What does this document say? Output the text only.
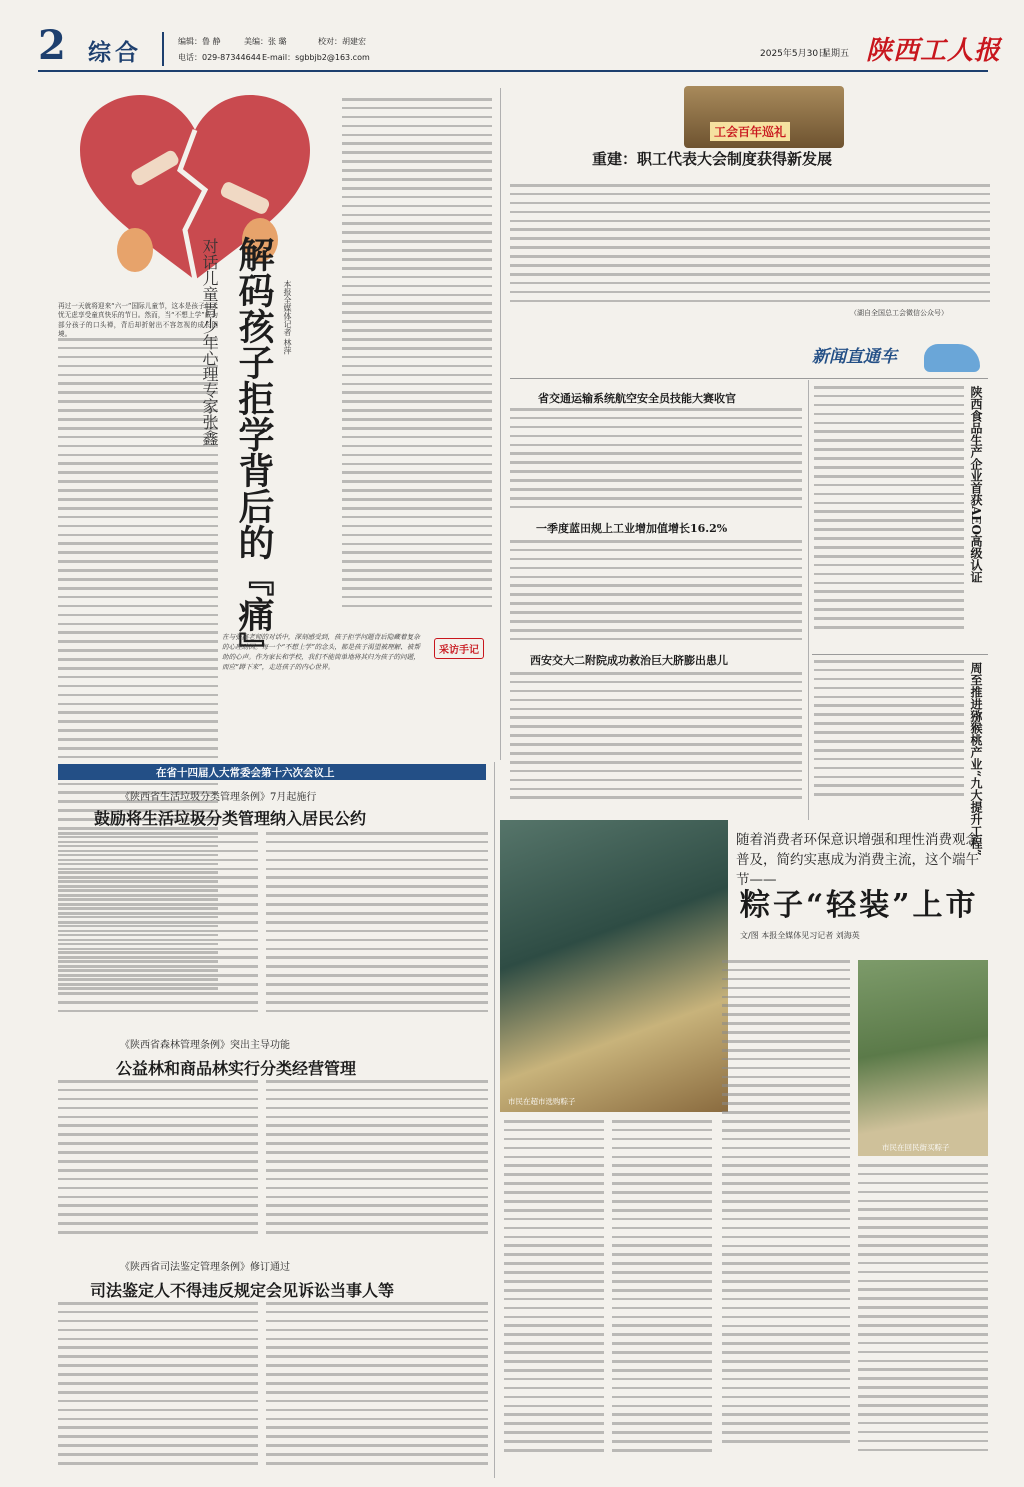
2 综合	编辑：鲁 静	美编：张 璐	校对：胡建宏
电话：029-87344644 E-mail：sgbbjb2@163.com	2025年5月30日
星期五 陕西工人报
再过一天就将迎来“六一”国际儿童节，这本是孩子们无忧无虑享受童真快乐的节日。然而，当“不想上学”成为部分孩子的口头禅，背后却折射出不容忽视的成长困境。	解码孩子拒学背后的『痛』
对话儿童青少年心理专家张鑫	本报全媒体记者 林萍
在与张鑫老师的对话中，深刻感受到，孩子拒学问题背后隐藏着复杂的心理动因。每一个“不想上学”的念头，都是孩子渴望被理解、被帮助的心声。作为家长和学校，我们不能简单地将其归为孩子的问题，而应“蹲下来”，走进孩子的内心世界。
采访手记
工会百年巡礼
重建：职工代表大会制度获得新发展
（湖自全国总工会微信公众号）
新闻直通车
省交通运输系统航空安全员技能大赛收官
一季度蓝田规上工业增加值增长16.2%
西安交大二附院成功救治巨大脐膨出患儿
陕西食品生产企业首获AEO高级认证
周至推进猕猴桃产业“九大提升工程”
在省十四届人大常委会第十六次会议上
《陕西省生活垃圾分类管理条例》7月起施行
鼓励将生活垃圾分类管理纳入居民公约
《陕西省森林管理条例》突出主导功能
公益林和商品林实行分类经营管理
《陕西省司法鉴定管理条例》修订通过
司法鉴定人不得违反规定会见诉讼当事人等
市民在超市选购粽子
随着消费者环保意识增强和理性消费观念普及，简约实惠成为消费主流，这个端午节——
粽子“轻装”上市
文/图 本报全媒体见习记者 刘海英
市民在回民街买粽子
